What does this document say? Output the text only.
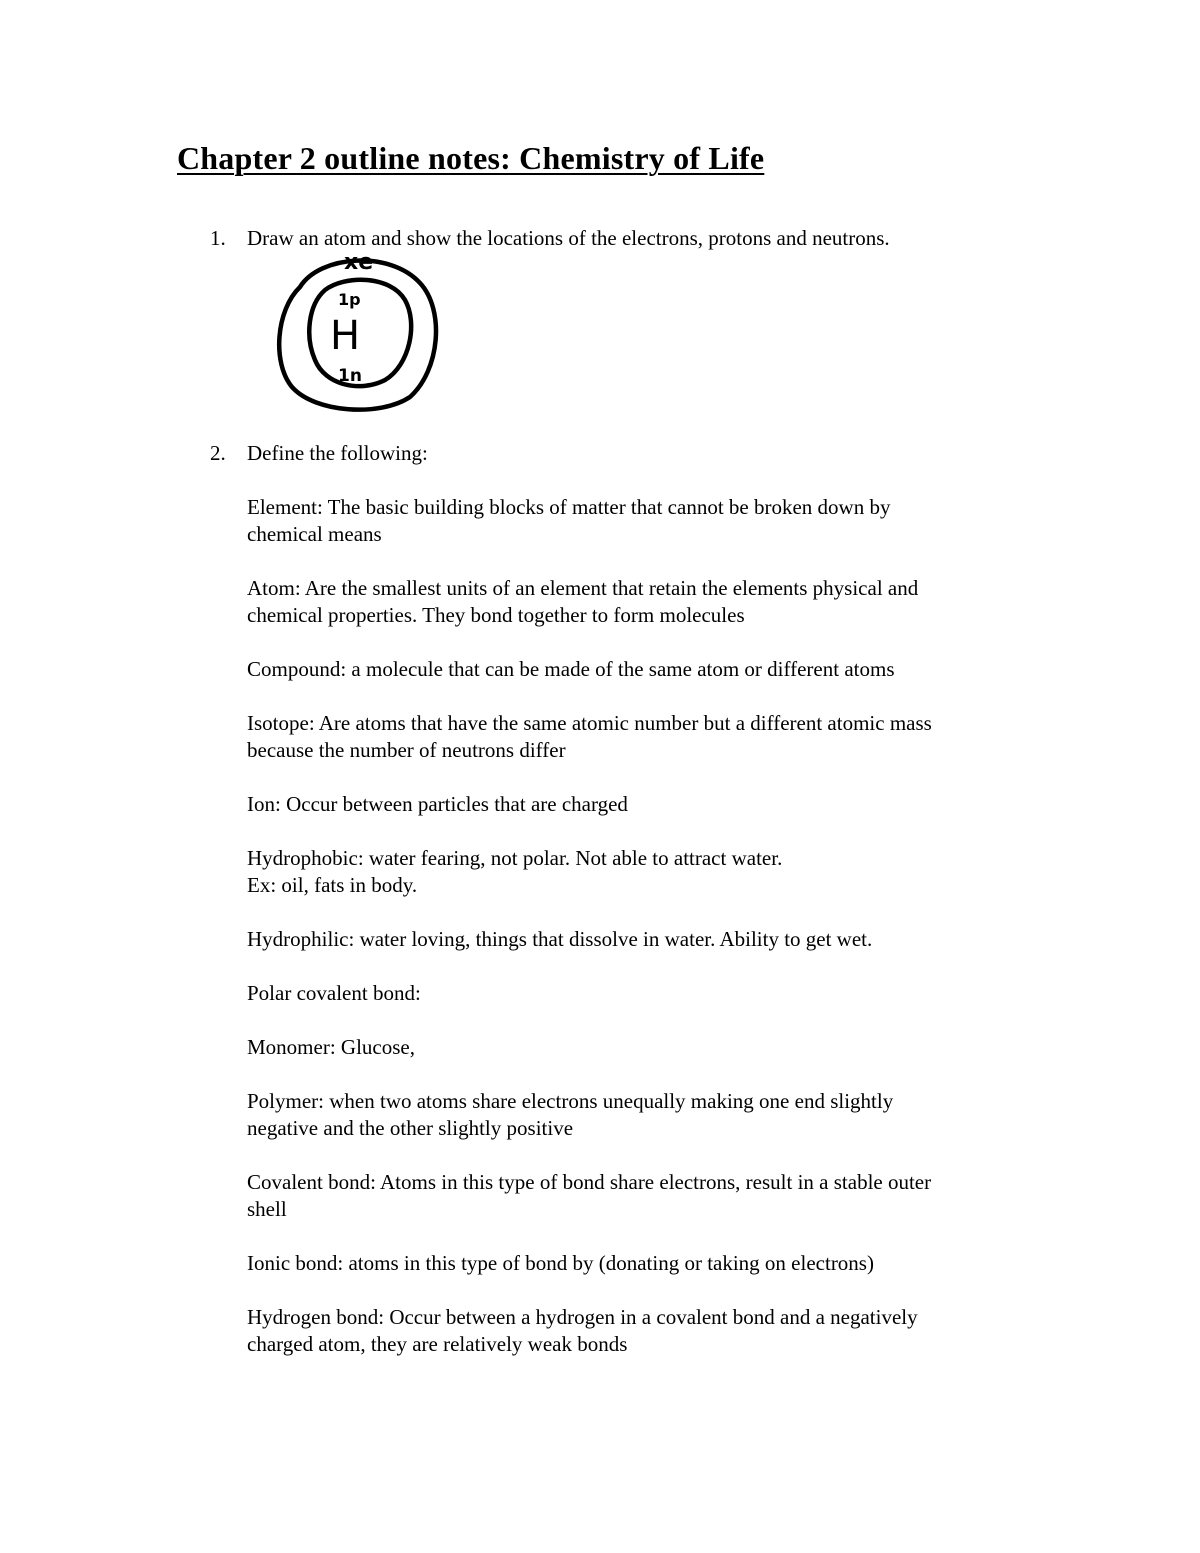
Chapter 2 outline notes: Chemistry of Life
1. Draw an atom and show the locations of the electrons, protons and neutrons.
xe
1p
H
1n
2. Define the following:
Element: The basic building blocks of matter that cannot be broken down by
chemical means
Atom: Are the smallest units of an element that retain the elements physical and
chemical properties. They bond together to form molecules
Compound: a molecule that can be made of the same atom or different atoms
Isotope: Are atoms that have the same atomic number but a different atomic mass
because the number of neutrons differ
Ion: Occur between particles that are charged
Hydrophobic: water fearing, not polar. Not able to attract water.
Ex: oil, fats in body.
Hydrophilic: water loving, things that dissolve in water. Ability to get wet.
Polar covalent bond:
Monomer: Glucose,
Polymer: when two atoms share electrons unequally making one end slightly
negative and the other slightly positive
Covalent bond: Atoms in this type of bond share electrons, result in a stable outer
shell
Ionic bond: atoms in this type of bond by (donating or taking on electrons)
Hydrogen bond: Occur between a hydrogen in a covalent bond and a negatively
charged atom, they are relatively weak bonds
